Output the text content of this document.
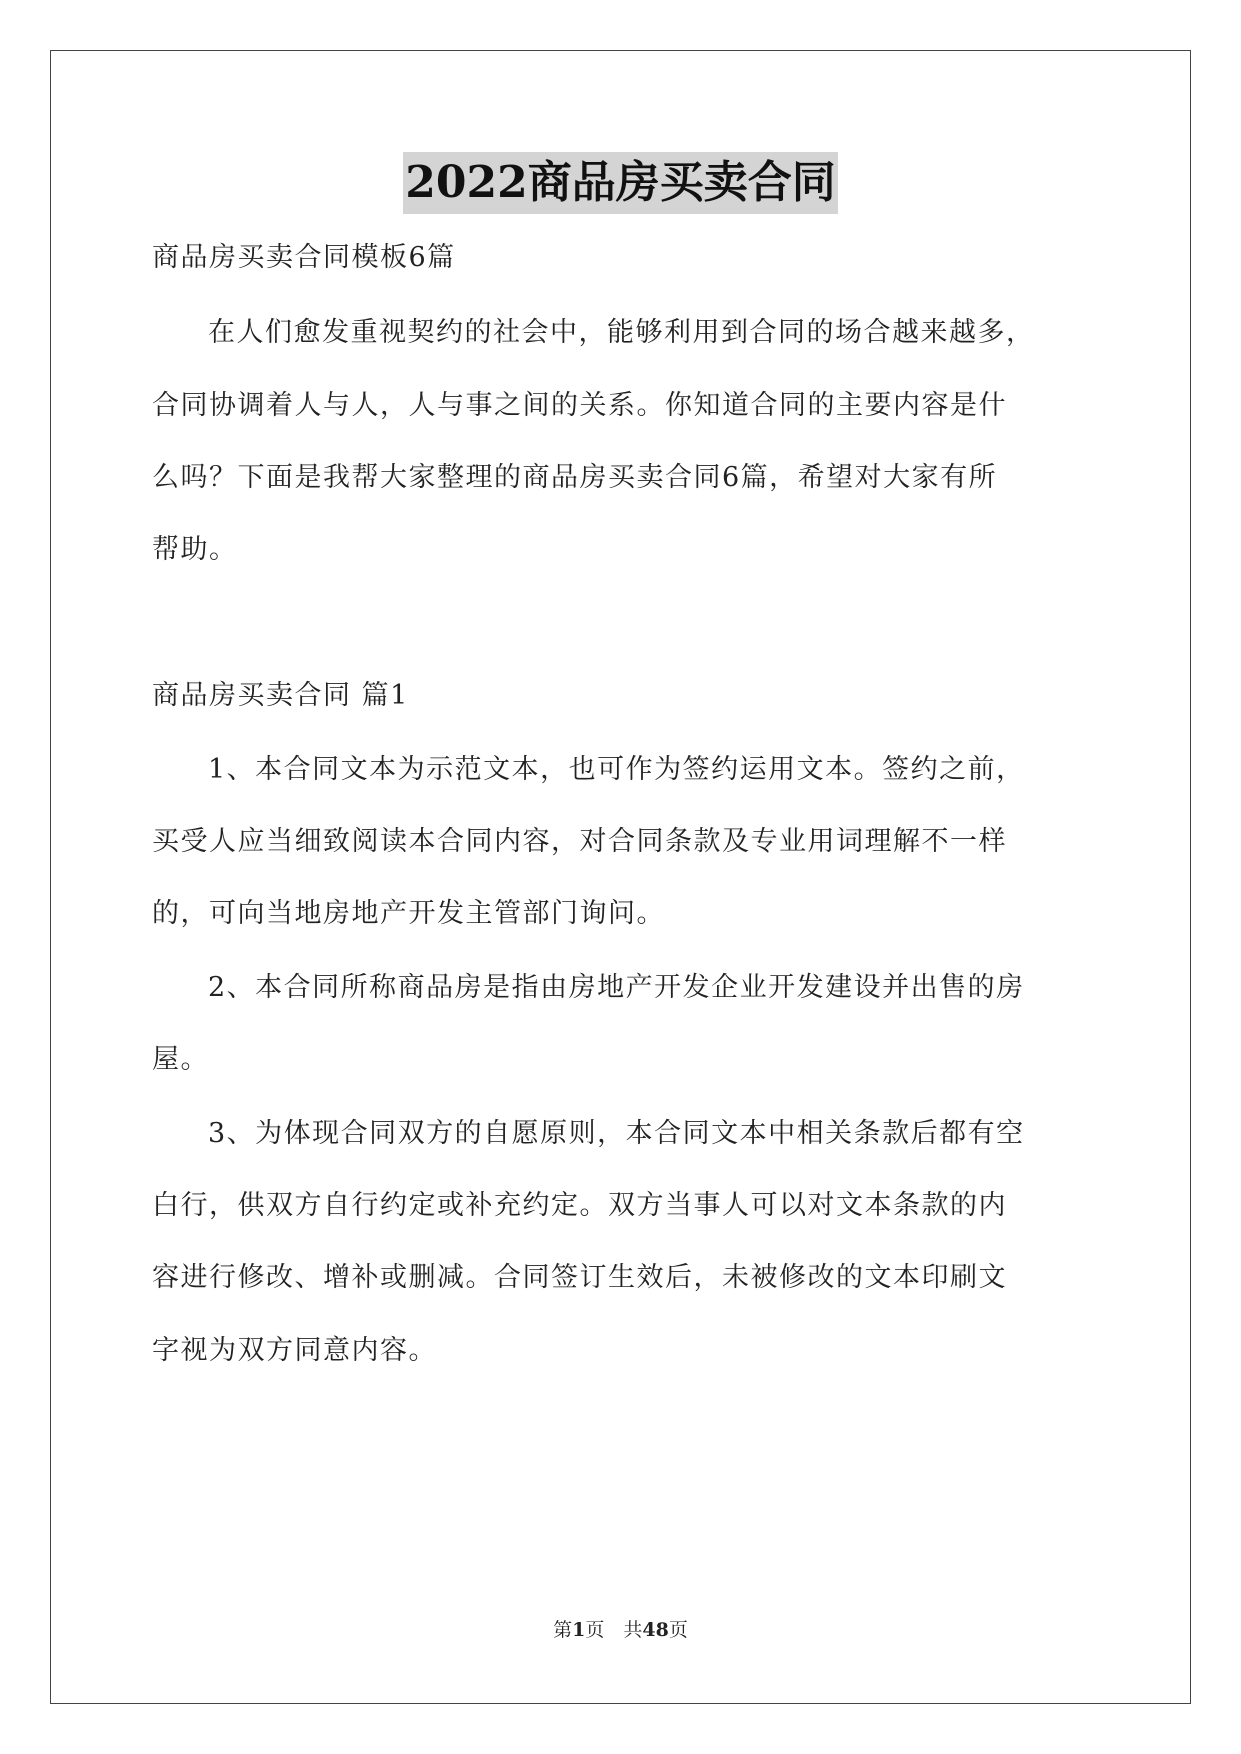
2022商品房买卖合同
商品房买卖合同模板6篇
在人们愈发重视契约的社会中，能够利用到合同的场合越来越多，
合同协调着人与人，人与事之间的关系。你知道合同的主要内容是什
么吗？下面是我帮大家整理的商品房买卖合同6篇，希望对大家有所
帮助。
商品房买卖合同 篇1
1、本合同文本为示范文本，也可作为签约运用文本。签约之前，
买受人应当细致阅读本合同内容，对合同条款及专业用词理解不一样
的，可向当地房地产开发主管部门询问。
2、本合同所称商品房是指由房地产开发企业开发建设并出售的房
屋。
3、为体现合同双方的自愿原则，本合同文本中相关条款后都有空
白行，供双方自行约定或补充约定。双方当事人可以对文本条款的内
容进行修改、增补或删减。合同签订生效后，未被修改的文本印刷文
字视为双方同意内容。
第1页　共48页
